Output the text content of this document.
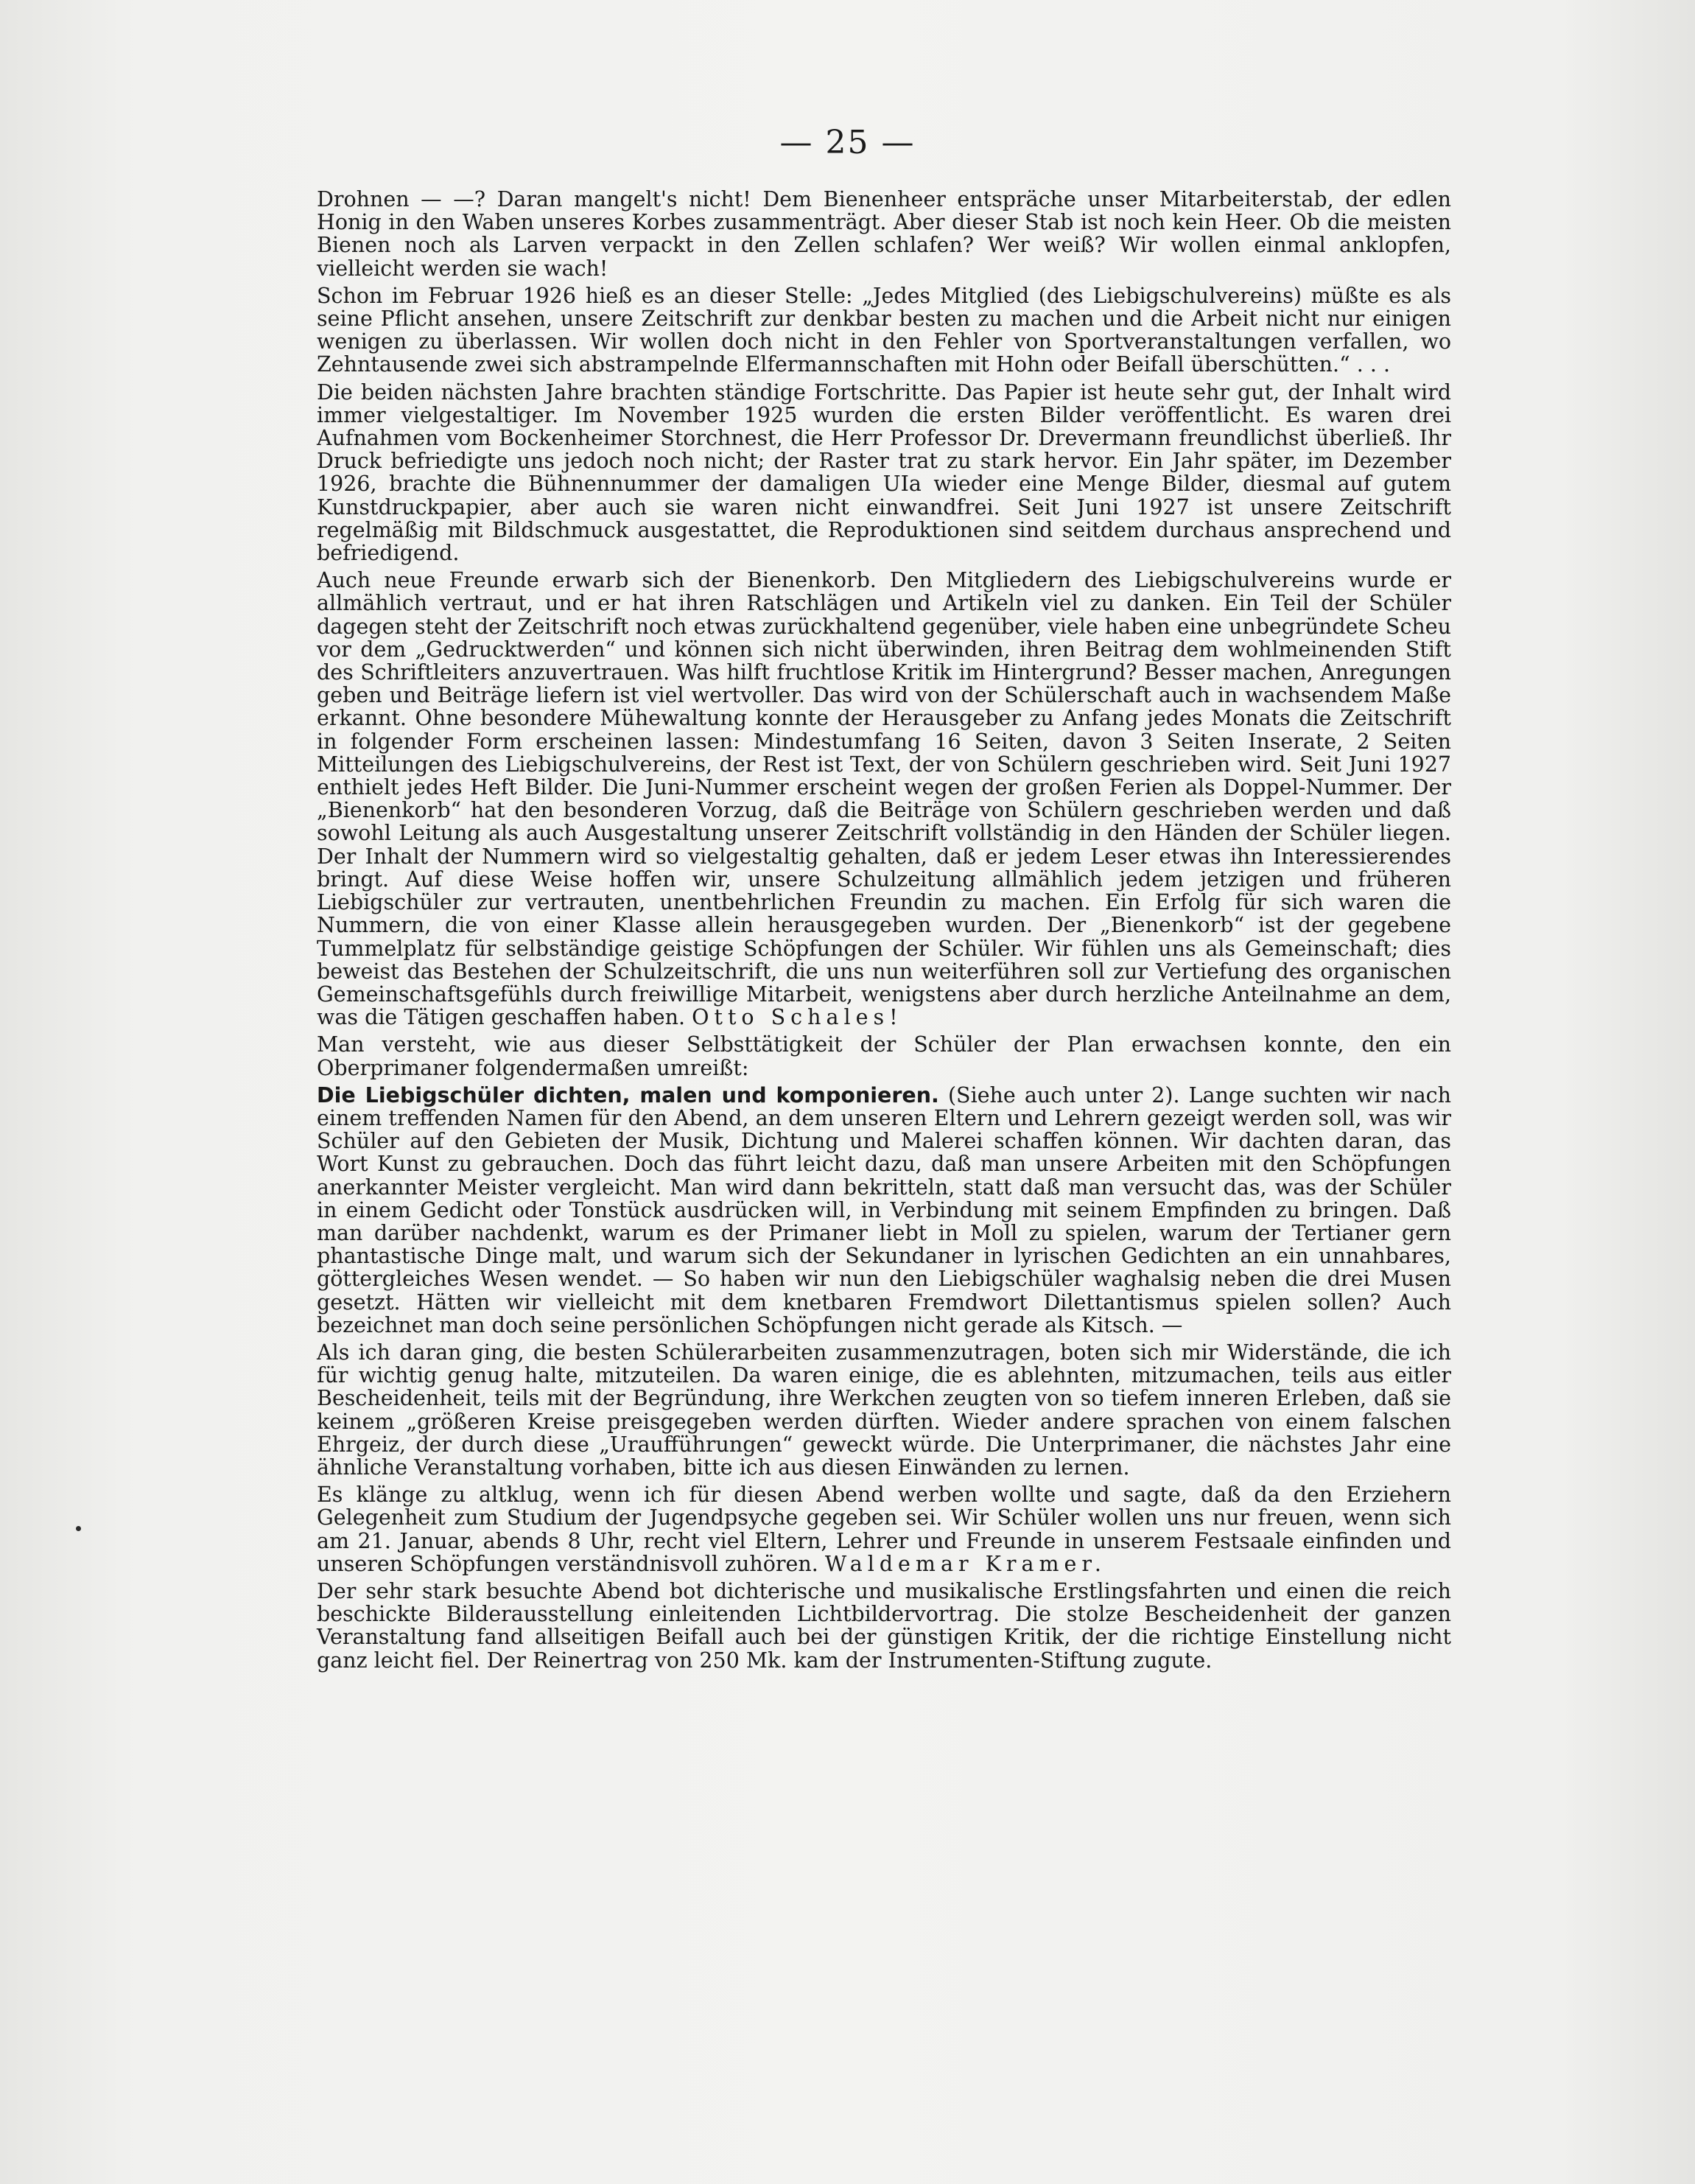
— 25 —

Drohnen — —? Daran mangelt's nicht! Dem Bienenheer entspräche unser Mitarbeiterstab, der edlen Honig in den Waben unseres Korbes zusammenträgt. Aber dieser Stab ist noch kein Heer. Ob die meisten Bienen noch als Larven verpackt in den Zellen schlafen? Wer weiß? Wir wollen einmal anklopfen, vielleicht werden sie wach!

Schon im Februar 1926 hieß es an dieser Stelle: „Jedes Mitglied (des Liebigschulvereins) müßte es als seine Pflicht ansehen, unsere Zeitschrift zur denkbar besten zu machen und die Arbeit nicht nur einigen wenigen zu überlassen. Wir wollen doch nicht in den Fehler von Sportveranstaltungen verfallen, wo Zehntausende zwei sich abstrampelnde Elfermannschaften mit Hohn oder Beifall überschütten.“ . . .

Die beiden nächsten Jahre brachten ständige Fortschritte. Das Papier ist heute sehr gut, der Inhalt wird immer vielgestaltiger. Im November 1925 wurden die ersten Bilder veröffentlicht. Es waren drei Aufnahmen vom Bockenheimer Storchnest, die Herr Professor Dr. Drevermann freundlichst überließ. Ihr Druck befriedigte uns jedoch noch nicht; der Raster trat zu stark hervor. Ein Jahr später, im Dezember 1926, brachte die Bühnennummer der damaligen UIa wieder eine Menge Bilder, diesmal auf gutem Kunstdruckpapier, aber auch sie waren nicht einwandfrei. Seit Juni 1927 ist unsere Zeitschrift regelmäßig mit Bildschmuck ausgestattet, die Reproduktionen sind seitdem durchaus ansprechend und befriedigend.

Auch neue Freunde erwarb sich der Bienenkorb. Den Mitgliedern des Liebigschulvereins wurde er allmählich vertraut, und er hat ihren Ratschlägen und Artikeln viel zu danken. Ein Teil der Schüler dagegen steht der Zeitschrift noch etwas zurückhaltend gegenüber, viele haben eine unbegründete Scheu vor dem „Gedrucktwerden“ und können sich nicht überwinden, ihren Beitrag dem wohlmeinenden Stift des Schriftleiters anzuvertrauen. Was hilft fruchtlose Kritik im Hintergrund? Besser machen, Anregungen geben und Beiträge liefern ist viel wertvoller. Das wird von der Schülerschaft auch in wachsendem Maße erkannt. Ohne besondere Mühewaltung konnte der Herausgeber zu Anfang jedes Monats die Zeitschrift in folgender Form erscheinen lassen: Mindestumfang 16 Seiten, davon 3 Seiten Inserate, 2 Seiten Mitteilungen des Liebigschulvereins, der Rest ist Text, der von Schülern geschrieben wird. Seit Juni 1927 enthielt jedes Heft Bilder. Die Juni-Nummer erscheint wegen der großen Ferien als Doppel-Nummer. Der „Bienenkorb“ hat den besonderen Vorzug, daß die Beiträge von Schülern geschrieben werden und daß sowohl Leitung als auch Ausgestaltung unserer Zeitschrift vollständig in den Händen der Schüler liegen. Der Inhalt der Nummern wird so vielgestaltig gehalten, daß er jedem Leser etwas ihn Interessierendes bringt. Auf diese Weise hoffen wir, unsere Schulzeitung allmählich jedem jetzigen und früheren Liebigschüler zur vertrauten, unentbehrlichen Freundin zu machen. Ein Erfolg für sich waren die Nummern, die von einer Klasse allein herausgegeben wurden. Der „Bienenkorb“ ist der gegebene Tummelplatz für selbständige geistige Schöpfungen der Schüler. Wir fühlen uns als Gemeinschaft; dies beweist das Bestehen der Schulzeitschrift, die uns nun weiterführen soll zur Vertiefung des organischen Gemeinschaftsgefühls durch freiwillige Mitarbeit, wenigstens aber durch herzliche Anteilnahme an dem, was die Tätigen geschaffen haben. Otto Schales!

Man versteht, wie aus dieser Selbsttätigkeit der Schüler der Plan erwachsen konnte, den ein Oberprimaner folgendermaßen umreißt:

Die Liebigschüler dichten, malen und komponieren. (Siehe auch unter 2). Lange suchten wir nach einem treffenden Namen für den Abend, an dem unseren Eltern und Lehrern gezeigt werden soll, was wir Schüler auf den Gebieten der Musik, Dichtung und Malerei schaffen können. Wir dachten daran, das Wort Kunst zu gebrauchen. Doch das führt leicht dazu, daß man unsere Arbeiten mit den Schöpfungen anerkannter Meister vergleicht. Man wird dann bekritteln, statt daß man versucht das, was der Schüler in einem Gedicht oder Tonstück ausdrücken will, in Verbindung mit seinem Empfinden zu bringen. Daß man darüber nachdenkt, warum es der Primaner liebt in Moll zu spielen, warum der Tertianer gern phantastische Dinge malt, und warum sich der Sekundaner in lyrischen Gedichten an ein unnahbares, göttergleiches Wesen wendet. — So haben wir nun den Liebigschüler waghalsig neben die drei Musen gesetzt. Hätten wir vielleicht mit dem knetbaren Fremdwort Dilettantismus spielen sollen? Auch bezeichnet man doch seine persönlichen Schöpfungen nicht gerade als Kitsch. —

Als ich daran ging, die besten Schülerarbeiten zusammenzutragen, boten sich mir Widerstände, die ich für wichtig genug halte, mitzuteilen. Da waren einige, die es ablehnten, mitzumachen, teils aus eitler Bescheidenheit, teils mit der Begründung, ihre Werkchen zeugten von so tiefem inneren Erleben, daß sie keinem „größeren Kreise preisgegeben werden dürften. Wieder andere sprachen von einem falschen Ehrgeiz, der durch diese „Uraufführungen“ geweckt würde. Die Unterprimaner, die nächstes Jahr eine ähnliche Veranstaltung vorhaben, bitte ich aus diesen Einwänden zu lernen.

Es klänge zu altklug, wenn ich für diesen Abend werben wollte und sagte, daß da den Erziehern Gelegenheit zum Studium der Jugendpsyche gegeben sei. Wir Schüler wollen uns nur freuen, wenn sich am 21. Januar, abends 8 Uhr, recht viel Eltern, Lehrer und Freunde in unserem Festsaale einfinden und unseren Schöpfungen verständnisvoll zuhören. Waldemar Kramer.

Der sehr stark besuchte Abend bot dichterische und musikalische Erstlingsfahrten und einen die reich beschickte Bilderausstellung einleitenden Lichtbildervortrag. Die stolze Bescheidenheit der ganzen Veranstaltung fand allseitigen Beifall auch bei der günstigen Kritik, der die richtige Einstellung nicht ganz leicht fiel. Der Reinertrag von 250 Mk. kam der Instrumenten-Stiftung zugute.
